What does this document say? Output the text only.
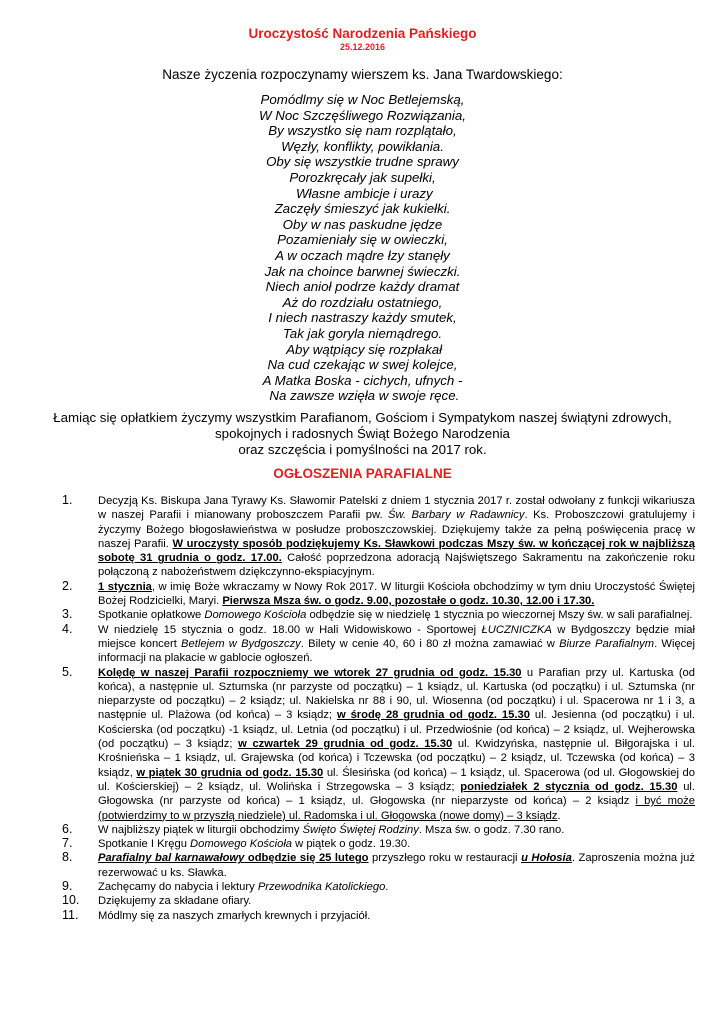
Uroczystość Narodzenia Pańskiego
25.12.2016
Nasze życzenia rozpoczynamy wierszem ks. Jana Twardowskiego:
Pomódlmy się w Noc Betlejemską,
W Noc Szczęśliwego Rozwiązania,
By wszystko się nam rozplątało,
Węzły, konflikty, powikłania.
Oby się wszystkie trudne sprawy
Porozkręcały jak supełki,
Własne ambicje i urazy
Zaczęły śmieszyć jak kukiełki.
Oby w nas paskudne jędze
Pozamieniały się w owieczki,
A w oczach mądre łzy stanęły
Jak na choince barwnej świeczki.
Niech anioł podrze każdy dramat
Aż do rozdziału ostatniego,
I niech nastraszy każdy smutek,
Tak jak goryla niemądrego.
Aby wątpiący się rozpłakał
Na cud czekając w swej kolejce,
A Matka Boska - cichych, ufnych -
Na zawsze wzięła w swoje ręce.
Łamiąc się opłatkiem życzymy wszystkim Parafianom, Gościom i Sympatykom naszej świątyni zdrowych, spokojnych i radosnych Świąt Bożego Narodzenia
oraz szczęścia i pomyślności na 2017 rok.
OGŁOSZENIA PARAFIALNE
1. Decyzją Ks. Biskupa Jana Tyrawy Ks. Sławomir Patelski z dniem 1 stycznia 2017 r. został odwołany z funkcji wikariusza w naszej Parafii i mianowany proboszczem Parafii pw. Św. Barbary w Radawnicy. Ks. Proboszczowi gratulujemy i życzymy Bożego błogosławieństwa w posłudze proboszczowskiej. Dziękujemy także za pełną poświęcenia pracę w naszej Parafii. W uroczysty sposób podziękujemy Ks. Sławkowi podczas Mszy św. w kończącej rok w najbliższą sobotę 31 grudnia o godz. 17.00. Całość poprzedzona adoracją Najświętszego Sakramentu na zakończenie roku połączoną z nabożeństwem dziękczynno-ekspiacyjnym.
2. 1 stycznia, w imię Boże wkraczamy w Nowy Rok 2017. W liturgii Kościoła obchodzimy w tym dniu Uroczystość Świętej Bożej Rodzicielki, Maryi. Pierwsza Msza św. o godz. 9.00, pozostałe o godz. 10.30, 12.00 i 17.30.
3. Spotkanie opłatkowe Domowego Kościoła odbędzie się w niedzielę 1 stycznia po wieczornej Mszy św. w sali parafialnej.
4. W niedzielę 15 stycznia o godz. 18.00 w Hali Widowiskowo - Sportowej ŁUCZNICZKA w Bydgoszczy będzie miał miejsce koncert Betlejem w Bydgoszczy. Bilety w cenie 40, 60 i 80 zł można zamawiać w Biurze Parafialnym. Więcej informacji na plakacie w gablocie ogłoszeń.
5. Kolędę w naszej Parafii rozpoczniemy we wtorek 27 grudnia od godz. 15.30 u Parafian przy ul. Kartuska (od końca), a następnie ul. Sztumska (nr parzyste od początku) – 1 ksiądz, ul. Kartuska (od początku) i ul. Sztumska (nr nieparzyste od początku) – 2 ksiądz; ul. Nakielska nr 88 i 90, ul. Wiosenna (od początku) i ul. Spacerowa nr 1 i 3, a następnie ul. Plażowa (od końca) – 3 ksiądz; w środę 28 grudnia od godz. 15.30 ul. Jesienna (od początku) i ul. Kościerska (od początku) -1 ksiądz, ul. Letnia (od początku) i ul. Przedwiośnie (od końca) – 2 ksiądz, ul. Wejherowska (od początku) – 3 ksiądz; w czwartek 29 grudnia od godz. 15.30 ul. Kwidzyńska, następnie ul. Biłgorajska i ul. Krośnieńska – 1 ksiądz, ul. Grajewska (od końca) i Tczewska (od początku) – 2 ksiądz, ul. Tczewska (od końca) – 3 ksiądz, w piątek 30 grudnia od godz. 15.30 ul. Ślesińska (od końca) – 1 ksiądz, ul. Spacerowa (od ul. Głogowskiej do ul. Kościerskiej) – 2 ksiądz, ul. Wolińska i Strzegowska – 3 ksiądz; poniedziałek 2 stycznia od godz. 15.30 ul. Głogowska (nr parzyste od końca) – 1 ksiądz, ul. Głogowska (nr nieparzyste od końca) – 2 ksiądz i być może (potwierdzimy to w przyszłą niedziele) ul. Radomska i ul. Głogowska (nowe domy) – 3 ksiądz.
6. W najbliższy piątek w liturgii obchodzimy Święto Świętej Rodziny. Msza św. o godz. 7.30 rano.
7. Spotkanie I Kręgu Domowego Kościoła w piątek o godz. 19.30.
8. Parafialny bal karnawałowy odbędzie się 25 lutego przyszłego roku w restauracji u Hołosia. Zaproszenia można już rezerwować u ks. Sławka.
9. Zachęcamy do nabycia i lektury Przewodnika Katolickiego.
10. Dziękujemy za składane ofiary.
11. Módlmy się za naszych zmarłych krewnych i przyjaciół.
